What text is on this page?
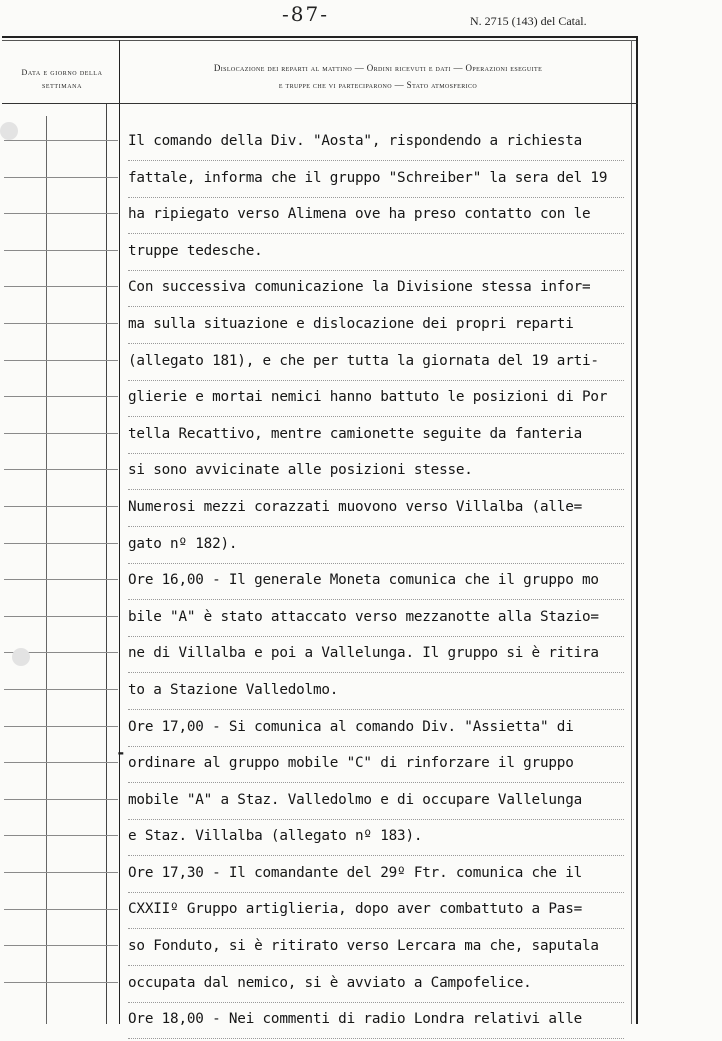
-87-	N. 2715 (143) del Catal.
Data e giorno della settimana
Dislocazione dei reparti al mattino — Ordini ricevuti e dati — Operazioni eseguite
e truppe che vi parteciparono — Stato atmosferico
Il comando della Div. "Aosta", rispondendo a richiesta
fattale, informa che il gruppo "Schreiber" la sera del 19
ha ripiegato verso Alimena ove ha preso contatto con le
truppe tedesche.
Con successiva comunicazione la Divisione stessa infor=
ma sulla situazione e dislocazione dei propri reparti
(allegato 181), e che per tutta la giornata del 19 arti-
glierie e mortai nemici hanno battuto le posizioni di Por
tella Recattivo, mentre camionette seguite da fanteria
si sono avvicinate alle posizioni stesse.
Numerosi mezzi corazzati muovono verso Villalba (alle=
gato nº 182).
Ore 16,00 - Il generale Moneta comunica che il gruppo mo
bile "A" è stato attaccato verso mezzanotte alla Stazio=
ne di Villalba e poi a Vallelunga. Il gruppo si è ritira
to a Stazione Valledolmo.
Ore 17,00 - Si comunica al comando Div. "Assietta" di
ordinare al gruppo mobile "C" di rinforzare il gruppo
mobile "A" a Staz. Valledolmo e di occupare Vallelunga
e Staz. Villalba (allegato nº 183).
Ore 17,30 - Il comandante del 29º Ftr. comunica che il
CXXIIº Gruppo artiglieria, dopo aver combattuto a Pas=
so Fonduto, si è ritirato verso Lercara ma che, saputala
occupata dal nemico, si è avviato a Campofelice.
Ore 18,00 - Nei commenti di radio Londra relativi alle
-
